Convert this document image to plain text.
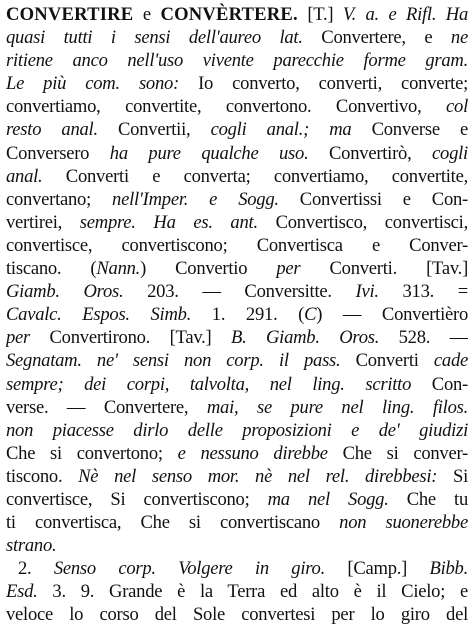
CONVERTIRE e CONVÈRTERE. [T.] V. a. e Rifl. Ha
quasi tutti i sensi dell'aureo lat. Convertere, e ne
ritiene anco nell'uso vivente parecchie forme gram.
Le più com. sono: Io converto, converti, converte;
convertiamo, convertite, convertono. Convertivo, col
resto anal. Convertii, cogli anal.; ma Converse e
Conversero ha pure qualche uso. Convertirò, cogli
anal. Converti e converta; convertiamo, convertite,
convertano; nell'Imper. e Sogg. Convertissi e Con-
vertirei, sempre. Ha es. ant. Convertisco, convertisci,
convertisce, convertiscono; Convertisca e Conver-
tiscano. (Nann.) Convertio per Converti. [Tav.]
Giamb. Oros. 203. — Conversitte. Ivi. 313. =
Cavalc. Espos. Simb. 1. 291. (C) — Convertièro
per Convertirono. [Tav.] B. Giamb. Oros. 528. —
Segnatam. ne' sensi non corp. il pass. Converti cade
sempre; dei corpi, talvolta, nel ling. scritto Con-
verse. — Convertere, mai, se pure nel ling. filos.
non piacesse dirlo delle proposizioni e de' giudizi
Che si convertono; e nessuno direbbe Che si conver-
tiscono. Nè nel senso mor. nè nel rel. direbbesi: Si
convertisce, Si convertiscono; ma nel Sogg. Che tu
ti convertisca, Che si convertiscano non suonerebbe
strano.
2. Senso corp. Volgere in giro. [Camp.] Bibb.
Esd. 3. 9. Grande è la Terra ed alto è il Cielo; e
veloce lo corso del Sole convertesi per lo giro del
